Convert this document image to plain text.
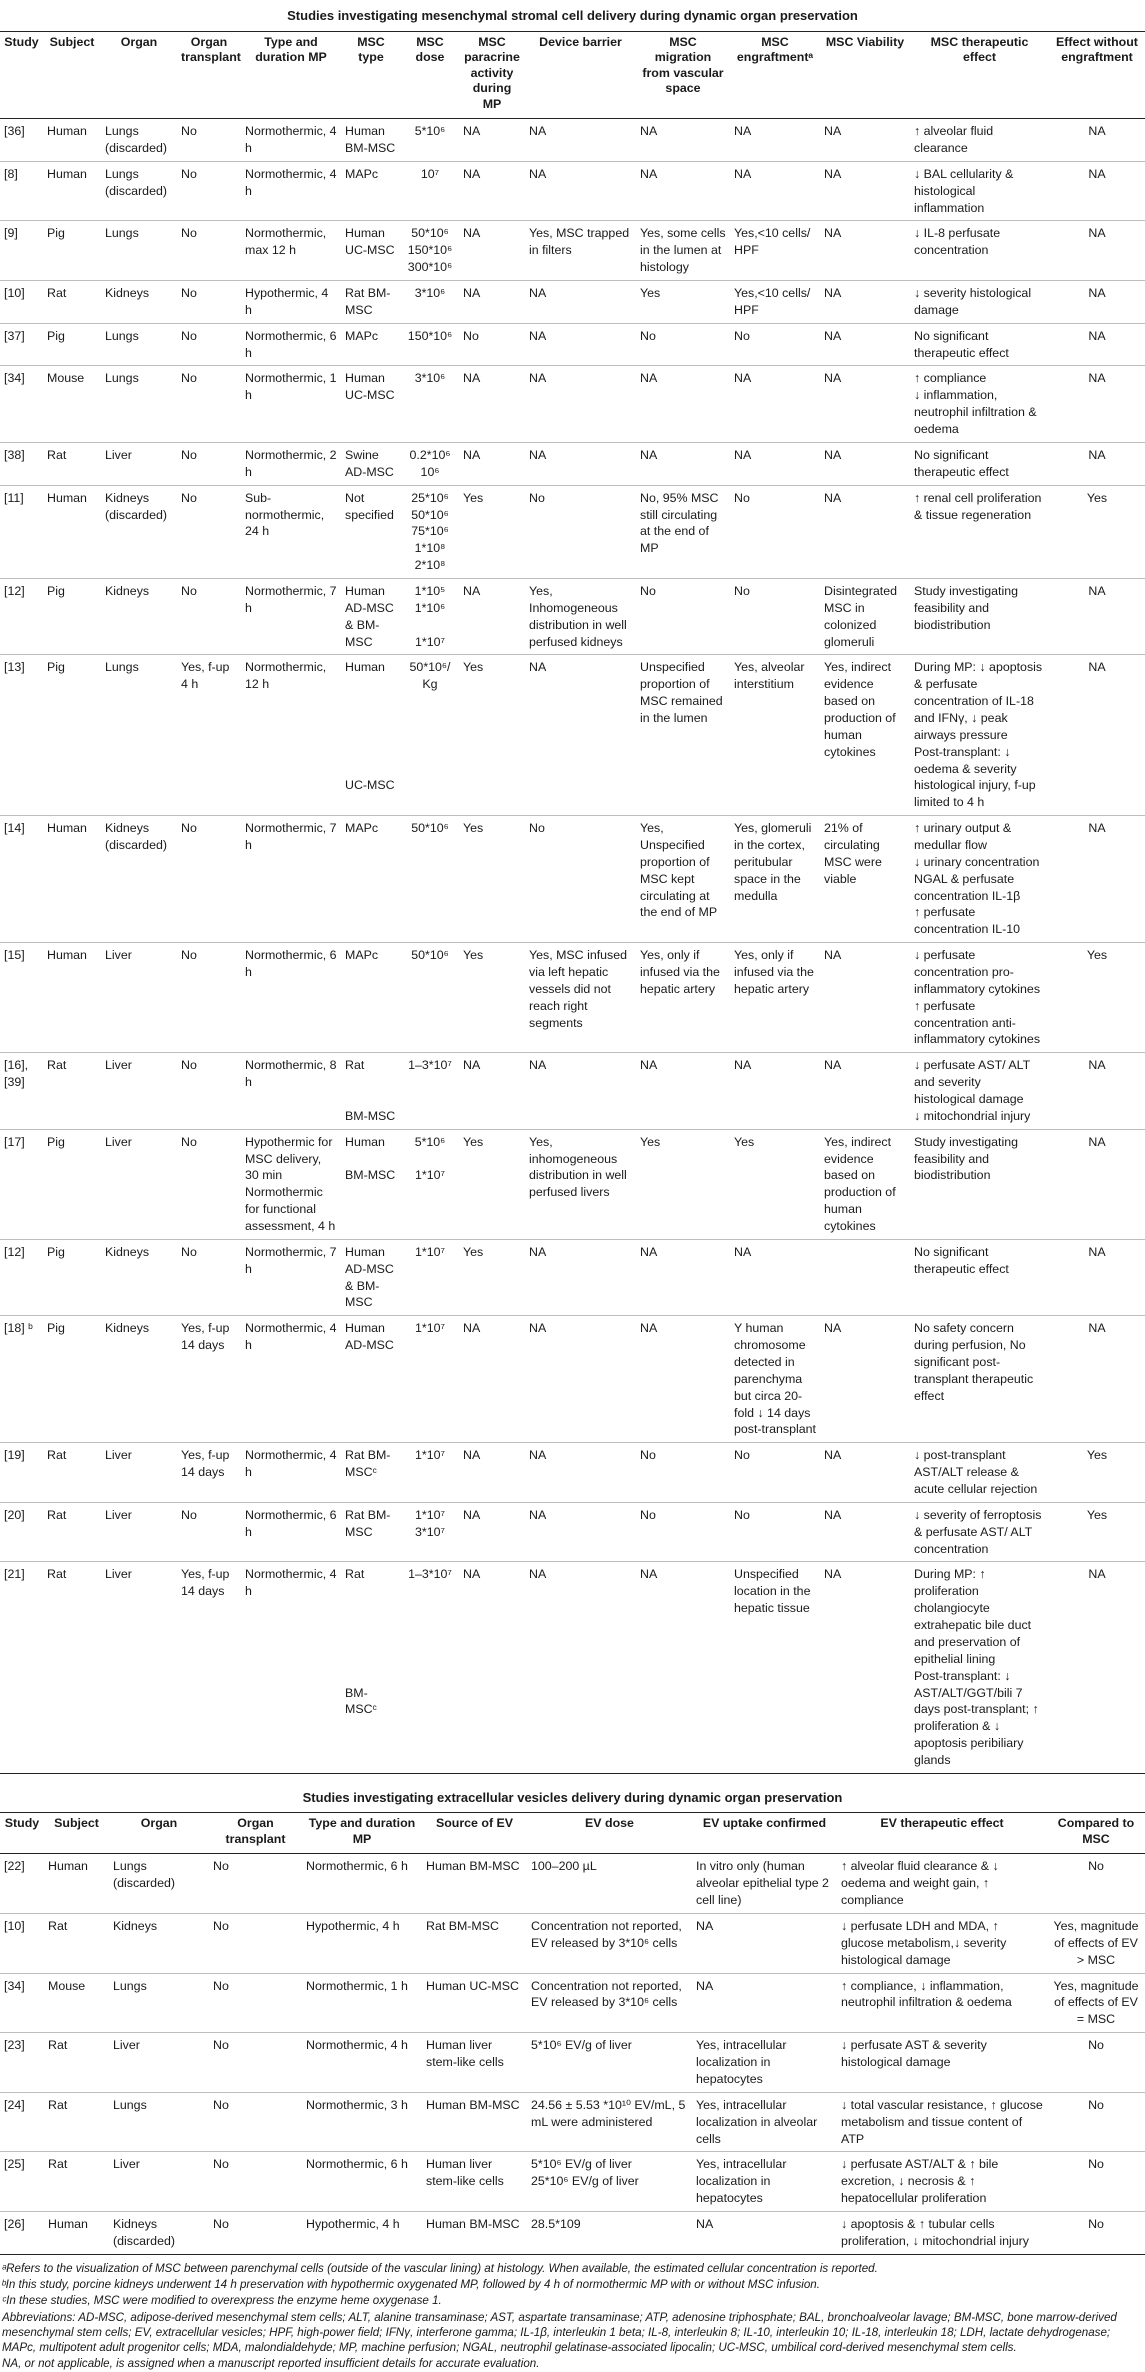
Studies investigating mesenchymal stromal cell delivery during dynamic organ preservation
Study	Subject	Organ	Organ transplant	Type and duration MP	MSC type	MSC dose	MSC paracrine activity during MP	Device barrier	MSC migration from vascular space	MSC engraftmentᵃ	MSC Viability	MSC therapeutic effect	Effect without engraftment
[36]	Human	Lungs (discarded)	No	Normothermic, 4 h	Human BM-MSC	5*10⁶	NA	NA	NA	NA	NA	↑ alveolar fluid clearance	NA
[8]	Human	Lungs (discarded)	No	Normothermic, 4 h	MAPc	10⁷	NA	NA	NA	NA	NA	↓ BAL cellularity & histological inflammation	NA
[9]	Pig	Lungs	No	Normothermic, max 12 h	Human UC-MSC	50*10⁶
150*10⁶
300*10⁶	NA	Yes, MSC trapped in filters	Yes, some cells in the lumen at histology	Yes,<10 cells/ HPF	NA	↓ IL-8 perfusate concentration	NA
[10]	Rat	Kidneys	No	Hypothermic, 4 h	Rat BM-MSC	3*10⁶	NA	NA	Yes	Yes,<10 cells/ HPF	NA	↓ severity histological damage	NA
[37]	Pig	Lungs	No	Normothermic, 6 h	MAPc	150*10⁶	No	NA	No	No	NA	No significant therapeutic effect	NA
[34]	Mouse	Lungs	No	Normothermic, 1 h	Human UC-MSC	3*10⁶	NA	NA	NA	NA	NA	↑ compliance
↓ inflammation, neutrophil infiltration & oedema	NA
[38]	Rat	Liver	No	Normothermic, 2 h	Swine AD-MSC	0.2*10⁶
10⁶	NA	NA	NA	NA	NA	No significant therapeutic effect	NA
[11]	Human	Kidneys (discarded)	No	Sub-normothermic, 24 h	Not specified	25*10⁶
50*10⁶
75*10⁶
1*10⁸
2*10⁸	Yes	No	No, 95% MSC still circulating at the end of MP	No	NA	↑ renal cell proliferation & tissue regeneration	Yes
[12]	Pig	Kidneys	No	Normothermic, 7 h	Human AD-MSC & BM-MSC	1*10⁵
1*10⁶

1*10⁷	NA	Yes, Inhomogeneous distribution in well perfused kidneys	No	No	Disintegrated MSC in colonized glomeruli	Study investigating feasibility and biodistribution	NA
[13]	Pig	Lungs	Yes, f-up 4 h	Normothermic, 12 h	Human

UC-MSC	50*10⁶/ Kg	Yes	NA	Unspecified proportion of MSC remained in the lumen	Yes, alveolar interstitium	Yes, indirect evidence based on production of human cytokines	During MP: ↓ apoptosis & perfusate concentration of IL-18 and IFNγ, ↓ peak airways pressure
Post-transplant: ↓ oedema & severity histological injury, f-up limited to 4 h	NA
[14]	Human	Kidneys (discarded)	No	Normothermic, 7 h	MAPc	50*10⁶	Yes	No	Yes, Unspecified proportion of MSC kept circulating at the end of MP	Yes, glomeruli in the cortex, peritubular space in the medulla	21% of circulating MSC were viable	↑ urinary output & medullar flow
↓ urinary concentration NGAL & perfusate concentration IL-1β
↑ perfusate concentration IL-10	NA
[15]	Human	Liver	No	Normothermic, 6 h	MAPc	50*10⁶	Yes	Yes, MSC infused via left hepatic vessels did not reach right segments	Yes, only if infused via the hepatic artery	Yes, only if infused via the hepatic artery	NA	↓ perfusate concentration pro-inflammatory cytokines
↑ perfusate concentration anti-inflammatory cytokines	Yes
[16], [39]	Rat	Liver	No	Normothermic, 8 h	Rat

BM-MSC	1–3*10⁷	NA	NA	NA	NA	NA	↓ perfusate AST/ ALT and severity histological damage
↓ mitochondrial injury	NA
[17]	Pig	Liver	No	Hypothermic for MSC delivery, 30 min
Normothermic for functional assessment, 4 h	Human

BM-MSC	5*10⁶

1*10⁷	Yes	Yes, inhomogeneous distribution in well perfused livers	Yes	Yes	Yes, indirect evidence based on production of human cytokines	Study investigating feasibility and biodistribution	NA
[12]	Pig	Kidneys	No	Normothermic, 7 h	Human AD-MSC & BM-MSC	1*10⁷	Yes	NA	NA	NA		No significant therapeutic effect	NA
[18] ᵇ	Pig	Kidneys	Yes, f-up 14 days	Normothermic, 4 h	Human AD-MSC	1*10⁷	NA	NA	NA	Y human chromosome detected in parenchyma but circa 20-fold ↓ 14 days post-transplant	NA	No safety concern during perfusion, No significant post-transplant therapeutic effect	NA
[19]	Rat	Liver	Yes, f-up 14 days	Normothermic, 4 h	Rat BM-MSCᶜ	1*10⁷	NA	NA	No	No	NA	↓ post-transplant AST/ALT release & acute cellular rejection	Yes
[20]	Rat	Liver	No	Normothermic, 6 h	Rat BM-MSC	1*10⁷
3*10⁷	NA	NA	No	No	NA	↓ severity of ferroptosis & perfusate AST/ ALT concentration	Yes
[21]	Rat	Liver	Yes, f-up 14 days	Normothermic, 4 h	Rat

BM-MSCᶜ	1–3*10⁷	NA	NA	NA	Unspecified location in the hepatic tissue	NA	During MP: ↑ proliferation cholangiocyte extrahepatic bile duct and preservation of epithelial lining
Post-transplant: ↓ AST/ALT/GGT/bili 7 days post-transplant; ↑ proliferation & ↓ apoptosis peribiliary glands	NA
Studies investigating extracellular vesicles delivery during dynamic organ preservation
Study	Subject	Organ	Organ transplant	Type and duration MP	Source of EV	EV dose	EV uptake confirmed	EV therapeutic effect	Compared to MSC
[22]	Human	Lungs (discarded)	No	Normothermic, 6 h	Human BM-MSC	100–200 µL	In vitro only (human alveolar epithelial type 2 cell line)	↑ alveolar fluid clearance & ↓ oedema and weight gain, ↑ compliance	No
[10]	Rat	Kidneys	No	Hypothermic, 4 h	Rat BM-MSC	Concentration not reported, EV released by 3*10⁶ cells	NA	↓ perfusate LDH and MDA, ↑ glucose metabolism,↓ severity histological damage	Yes, magnitude of effects of EV > MSC
[34]	Mouse	Lungs	No	Normothermic, 1 h	Human UC-MSC	Concentration not reported, EV released by 3*10⁶ cells	NA	↑ compliance, ↓ inflammation, neutrophil infiltration & oedema	Yes, magnitude of effects of EV = MSC
[23]	Rat	Liver	No	Normothermic, 4 h	Human liver stem-like cells	5*10⁶ EV/g of liver	Yes, intracellular localization in hepatocytes	↓ perfusate AST & severity histological damage	No
[24]	Rat	Lungs	No	Normothermic, 3 h	Human BM-MSC	24.56 ± 5.53 *10¹⁰ EV/mL, 5 mL were administered	Yes, intracellular localization in alveolar cells	↓ total vascular resistance, ↑ glucose metabolism and tissue content of ATP	No
[25]	Rat	Liver	No	Normothermic, 6 h	Human liver stem-like cells	5*10⁶ EV/g of liver
25*10⁶ EV/g of liver	Yes, intracellular localization in hepatocytes	↓ perfusate AST/ALT & ↑ bile excretion, ↓ necrosis & ↑ hepatocellular proliferation	No
[26]	Human	Kidneys (discarded)	No	Hypothermic, 4 h	Human BM-MSC	28.5*109	NA	↓ apoptosis & ↑ tubular cells proliferation, ↓ mitochondrial injury	No
ᵃRefers to the visualization of MSC between parenchymal cells (outside of the vascular lining) at histology. When available, the estimated cellular concentration is reported.
ᵇIn this study, porcine kidneys underwent 14 h preservation with hypothermic oxygenated MP, followed by 4 h of normothermic MP with or without MSC infusion.
ᶜIn these studies, MSC were modified to overexpress the enzyme heme oxygenase 1.
Abbreviations: AD-MSC, adipose-derived mesenchymal stem cells; ALT, alanine transaminase; AST, aspartate transaminase; ATP, adenosine triphosphate; BAL, bronchoalveolar lavage; BM-MSC, bone marrow-derived mesenchymal stem cells; EV, extracellular vesicles; HPF, high-power field; IFNγ, interferone gamma; IL-1β, interleukin 1 beta; IL-8, interleukin 8; IL-10, interleukin 10; IL-18, interleukin 18; LDH, lactate dehydrogenase; MAPc, multipotent adult progenitor cells; MDA, malondialdehyde; MP, machine perfusion; NGAL, neutrophil gelatinase-associated lipocalin; UC-MSC, umbilical cord-derived mesenchymal stem cells.
NA, or not applicable, is assigned when a manuscript reported insufficient details for accurate evaluation.
